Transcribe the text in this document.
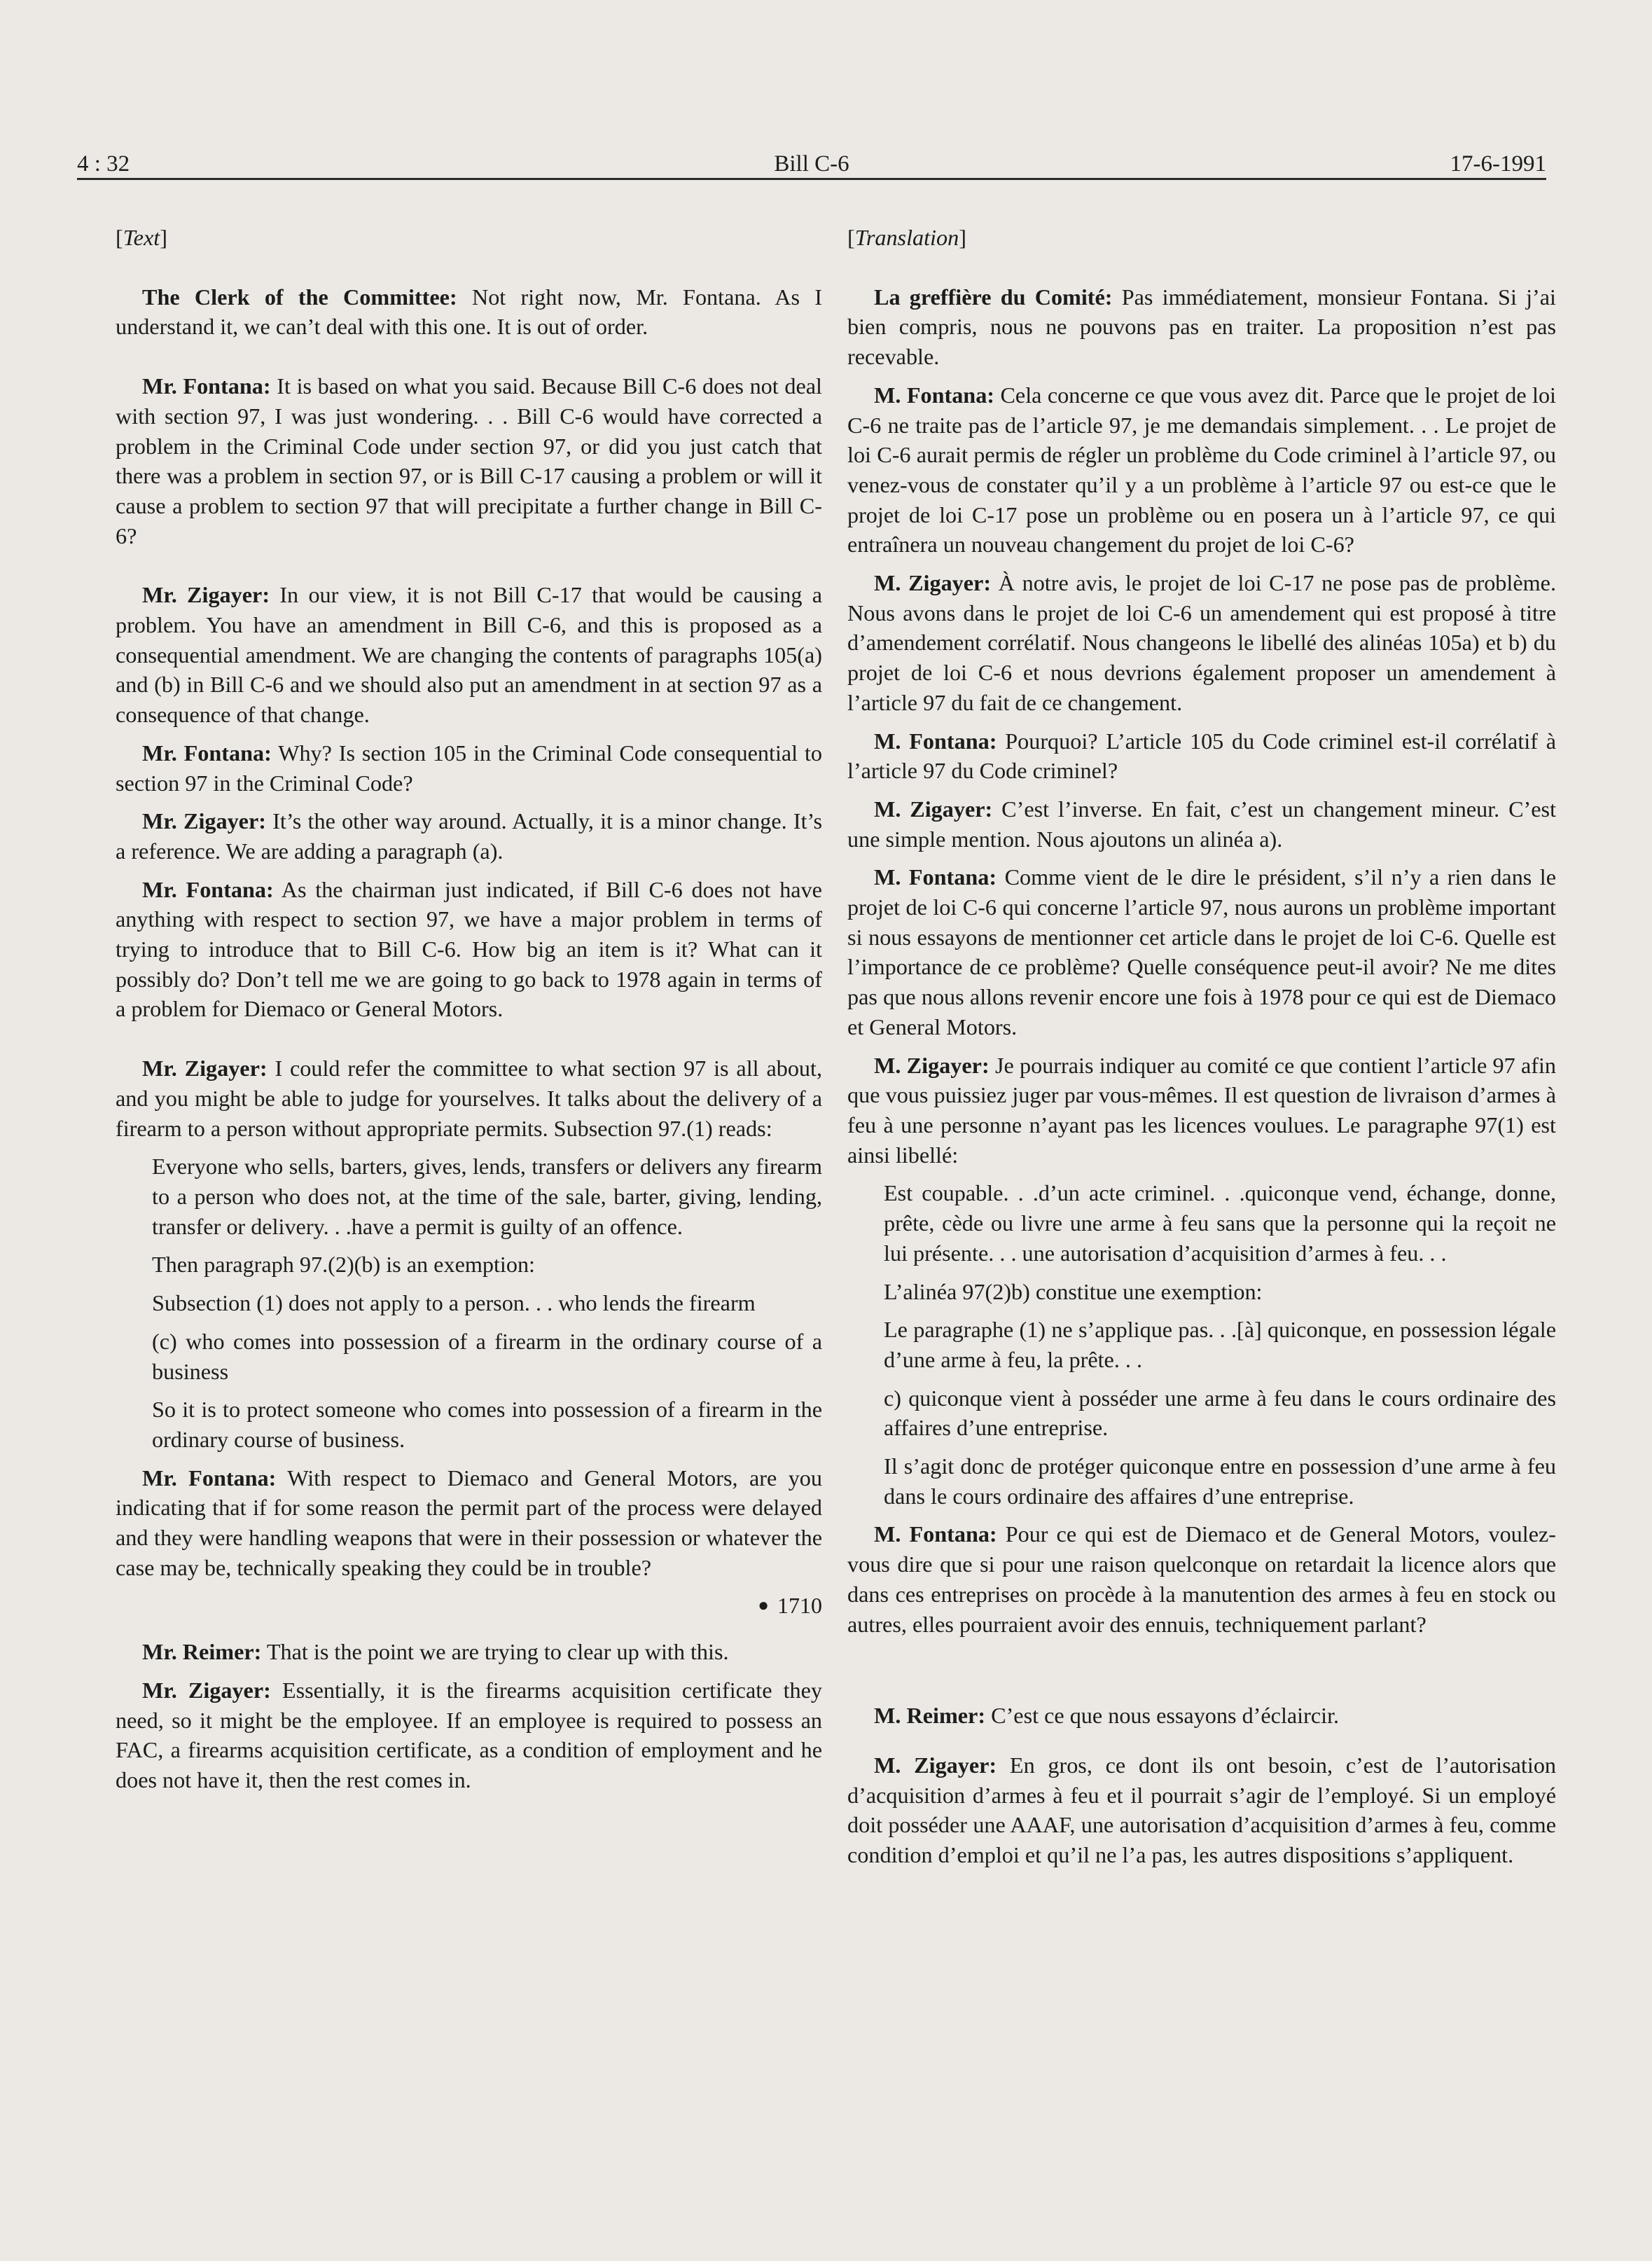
4 : 32	Bill C-6	17-6-1991
[Text]

The Clerk of the Committee: Not right now, Mr. Fontana. As I understand it, we can’t deal with this one. It is out of order.

Mr. Fontana: It is based on what you said. Because Bill C-6 does not deal with section 97, I was just wondering. . . Bill C-6 would have corrected a problem in the Criminal Code under section 97, or did you just catch that there was a problem in section 97, or is Bill C-17 causing a problem or will it cause a problem to section 97 that will precipitate a further change in Bill C-6?

Mr. Zigayer: In our view, it is not Bill C-17 that would be causing a problem. You have an amendment in Bill C-6, and this is proposed as a consequential amendment. We are changing the contents of paragraphs 105(a) and (b) in Bill C-6 and we should also put an amendment in at section 97 as a consequence of that change.

Mr. Fontana: Why? Is section 105 in the Criminal Code consequential to section 97 in the Criminal Code?

Mr. Zigayer: It’s the other way around. Actually, it is a minor change. It’s a reference. We are adding a paragraph (a).

Mr. Fontana: As the chairman just indicated, if Bill C-6 does not have anything with respect to section 97, we have a major problem in terms of trying to introduce that to Bill C-6. How big an item is it? What can it possibly do? Don’t tell me we are going to go back to 1978 again in terms of a problem for Diemaco or General Motors.

Mr. Zigayer: I could refer the committee to what section 97 is all about, and you might be able to judge for yourselves. It talks about the delivery of a firearm to a person without appropriate permits. Subsection 97.(1) reads:

Everyone who sells, barters, gives, lends, transfers or delivers any firearm to a person who does not, at the time of the sale, barter, giving, lending, transfer or delivery. . .have a permit is guilty of an offence.

Then paragraph 97.(2)(b) is an exemption:

Subsection (1) does not apply to a person. . . who lends the firearm

(c) who comes into possession of a firearm in the ordinary course of a business

So it is to protect someone who comes into possession of a firearm in the ordinary course of business.

Mr. Fontana: With respect to Diemaco and General Motors, are you indicating that if for some reason the permit part of the process were delayed and they were handling weapons that were in their possession or whatever the case may be, technically speaking they could be in trouble?

● 1710

Mr. Reimer: That is the point we are trying to clear up with this.

Mr. Zigayer: Essentially, it is the firearms acquisition certificate they need, so it might be the employee. If an employee is required to possess an FAC, a firearms acquisition certificate, as a condition of employment and he does not have it, then the rest comes in.

[Translation]

La greffière du Comité: Pas immédiatement, monsieur Fontana. Si j’ai bien compris, nous ne pouvons pas en traiter. La proposition n’est pas recevable.

M. Fontana: Cela concerne ce que vous avez dit. Parce que le projet de loi C-6 ne traite pas de l’article 97, je me demandais simplement. . . Le projet de loi C-6 aurait permis de régler un problème du Code criminel à l’article 97, ou venez-vous de constater qu’il y a un problème à l’article 97 ou est-ce que le projet de loi C-17 pose un problème ou en posera un à l’article 97, ce qui entraînera un nouveau changement du projet de loi C-6?

M. Zigayer: À notre avis, le projet de loi C-17 ne pose pas de problème. Nous avons dans le projet de loi C-6 un amendement qui est proposé à titre d’amendement corrélatif. Nous changeons le libellé des alinéas 105a) et b) du projet de loi C-6 et nous devrions également proposer un amendement à l’article 97 du fait de ce changement.

M. Fontana: Pourquoi? L’article 105 du Code criminel est-il corrélatif à l’article 97 du Code criminel?

M. Zigayer: C’est l’inverse. En fait, c’est un changement mineur. C’est une simple mention. Nous ajoutons un alinéa a).

M. Fontana: Comme vient de le dire le président, s’il n’y a rien dans le projet de loi C-6 qui concerne l’article 97, nous aurons un problème important si nous essayons de mentionner cet article dans le projet de loi C-6. Quelle est l’importance de ce problème? Quelle conséquence peut-il avoir? Ne me dites pas que nous allons revenir encore une fois à 1978 pour ce qui est de Diemaco et General Motors.

M. Zigayer: Je pourrais indiquer au comité ce que contient l’article 97 afin que vous puissiez juger par vous-mêmes. Il est question de livraison d’armes à feu à une personne n’ayant pas les licences voulues. Le paragraphe 97(1) est ainsi libellé:

Est coupable. . .d’un acte criminel. . .quiconque vend, échange, donne, prête, cède ou livre une arme à feu sans que la personne qui la reçoit ne lui présente. . . une autorisation d’acquisition d’armes à feu. . .

L’alinéa 97(2)b) constitue une exemption:

Le paragraphe (1) ne s’applique pas. . .[à] quiconque, en possession légale d’une arme à feu, la prête. . .

c) quiconque vient à posséder une arme à feu dans le cours ordinaire des affaires d’une entreprise.

Il s’agit donc de protéger quiconque entre en possession d’une arme à feu dans le cours ordinaire des affaires d’une entreprise.

M. Fontana: Pour ce qui est de Diemaco et de General Motors, voulez-vous dire que si pour une raison quelconque on retardait la licence alors que dans ces entreprises on procède à la manutention des armes à feu en stock ou autres, elles pourraient avoir des ennuis, techniquement parlant?

M. Reimer: C’est ce que nous essayons d’éclaircir.

M. Zigayer: En gros, ce dont ils ont besoin, c’est de l’autorisation d’acquisition d’armes à feu et il pourrait s’agir de l’employé. Si un employé doit posséder une AAAF, une autorisation d’acquisition d’armes à feu, comme condition d’emploi et qu’il ne l’a pas, les autres dispositions s’appliquent.
